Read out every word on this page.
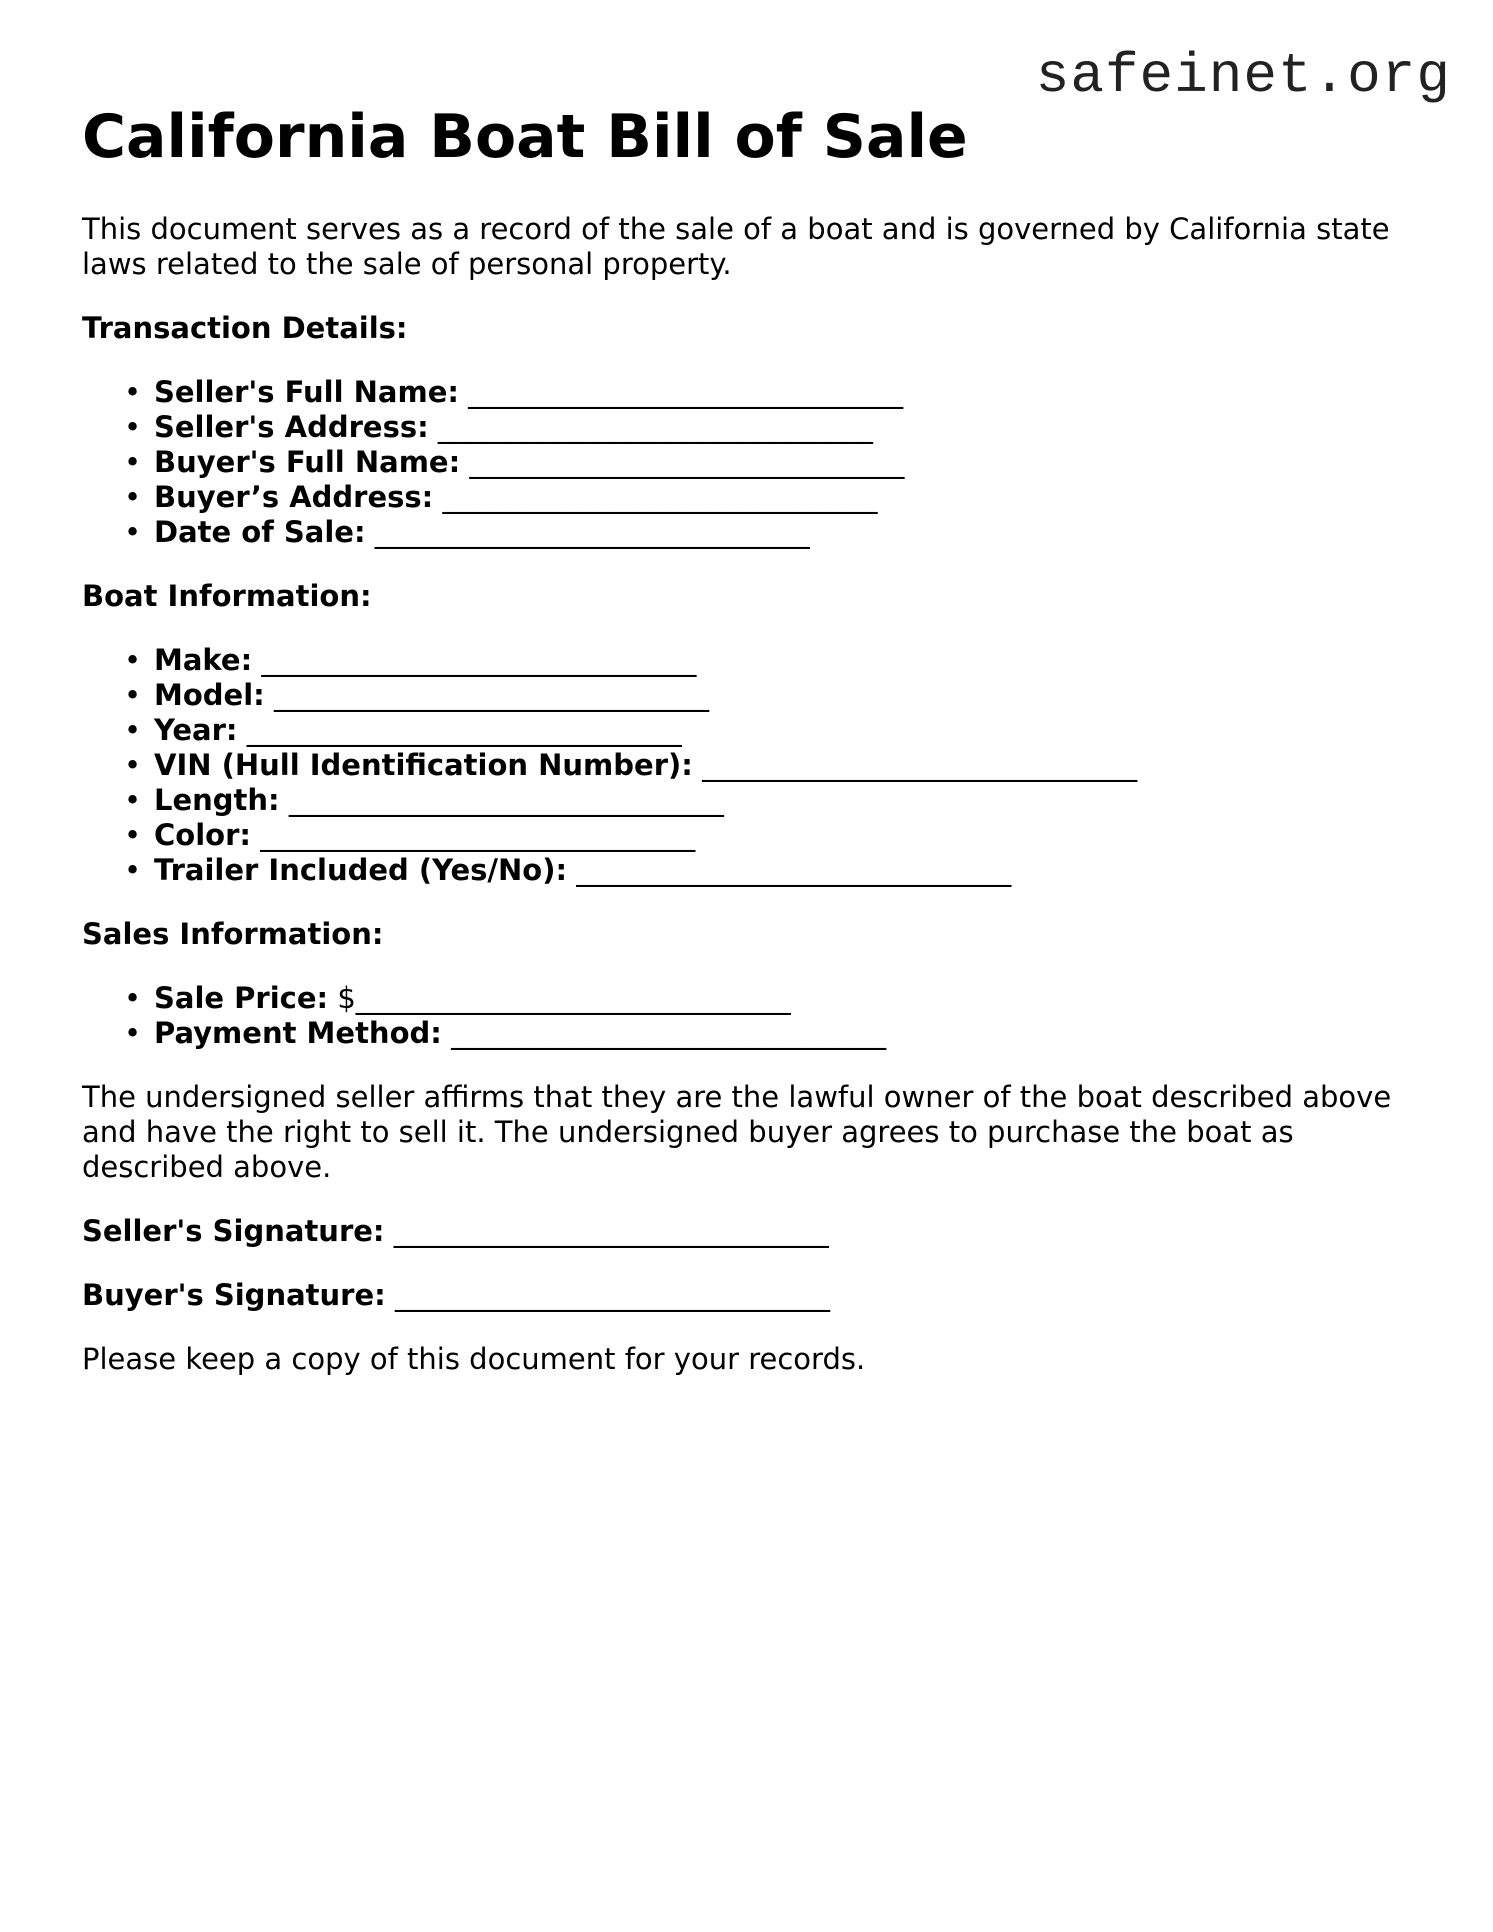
safeinet.org
California Boat Bill of Sale

This document serves as a record of the sale of a boat and is governed by California state laws related to the sale of personal property.

Transaction Details:
• Seller's Full Name: ______________________________
• Seller's Address: ______________________________
• Buyer's Full Name: ______________________________
• Buyer’s Address: ______________________________
• Date of Sale: ______________________________
Boat Information:
• Make: ______________________________
• Model: ______________________________
• Year: ______________________________
• VIN (Hull Identification Number): ______________________________
• Length: ______________________________
• Color: ______________________________
• Trailer Included (Yes/No): ______________________________
Sales Information:
• Sale Price: $______________________________
• Payment Method: ______________________________

The undersigned seller affirms that they are the lawful owner of the boat described above and have the right to sell it. The undersigned buyer agrees to purchase the boat as described above.

Seller's Signature: ______________________________
Buyer's Signature: ______________________________

Please keep a copy of this document for your records.
